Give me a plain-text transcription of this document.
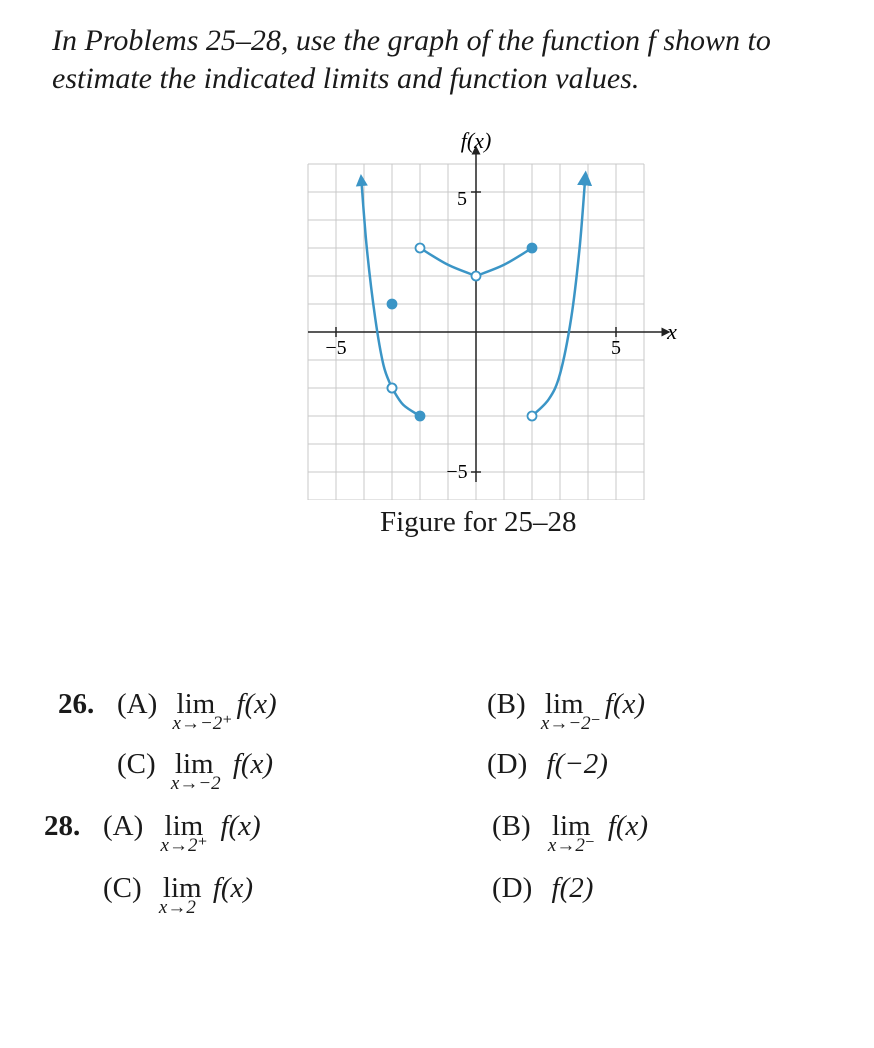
In Problems 25–28, use the graph of the function f shown to estimate the indicated limits and function values.

f(x)
x
5
−5
−5	5
Figure for 25–28
26. (A) lim
x→−2⁺
f(x)	(B) lim
x→−2⁻
f(x)
(C) lim
x→−2
f(x)	(D) f(−2)
28. (A) lim
x→2⁺
f(x)	(B) lim
x→2⁻
f(x)
(C) lim
x→2
f(x)	(D) f(2)
